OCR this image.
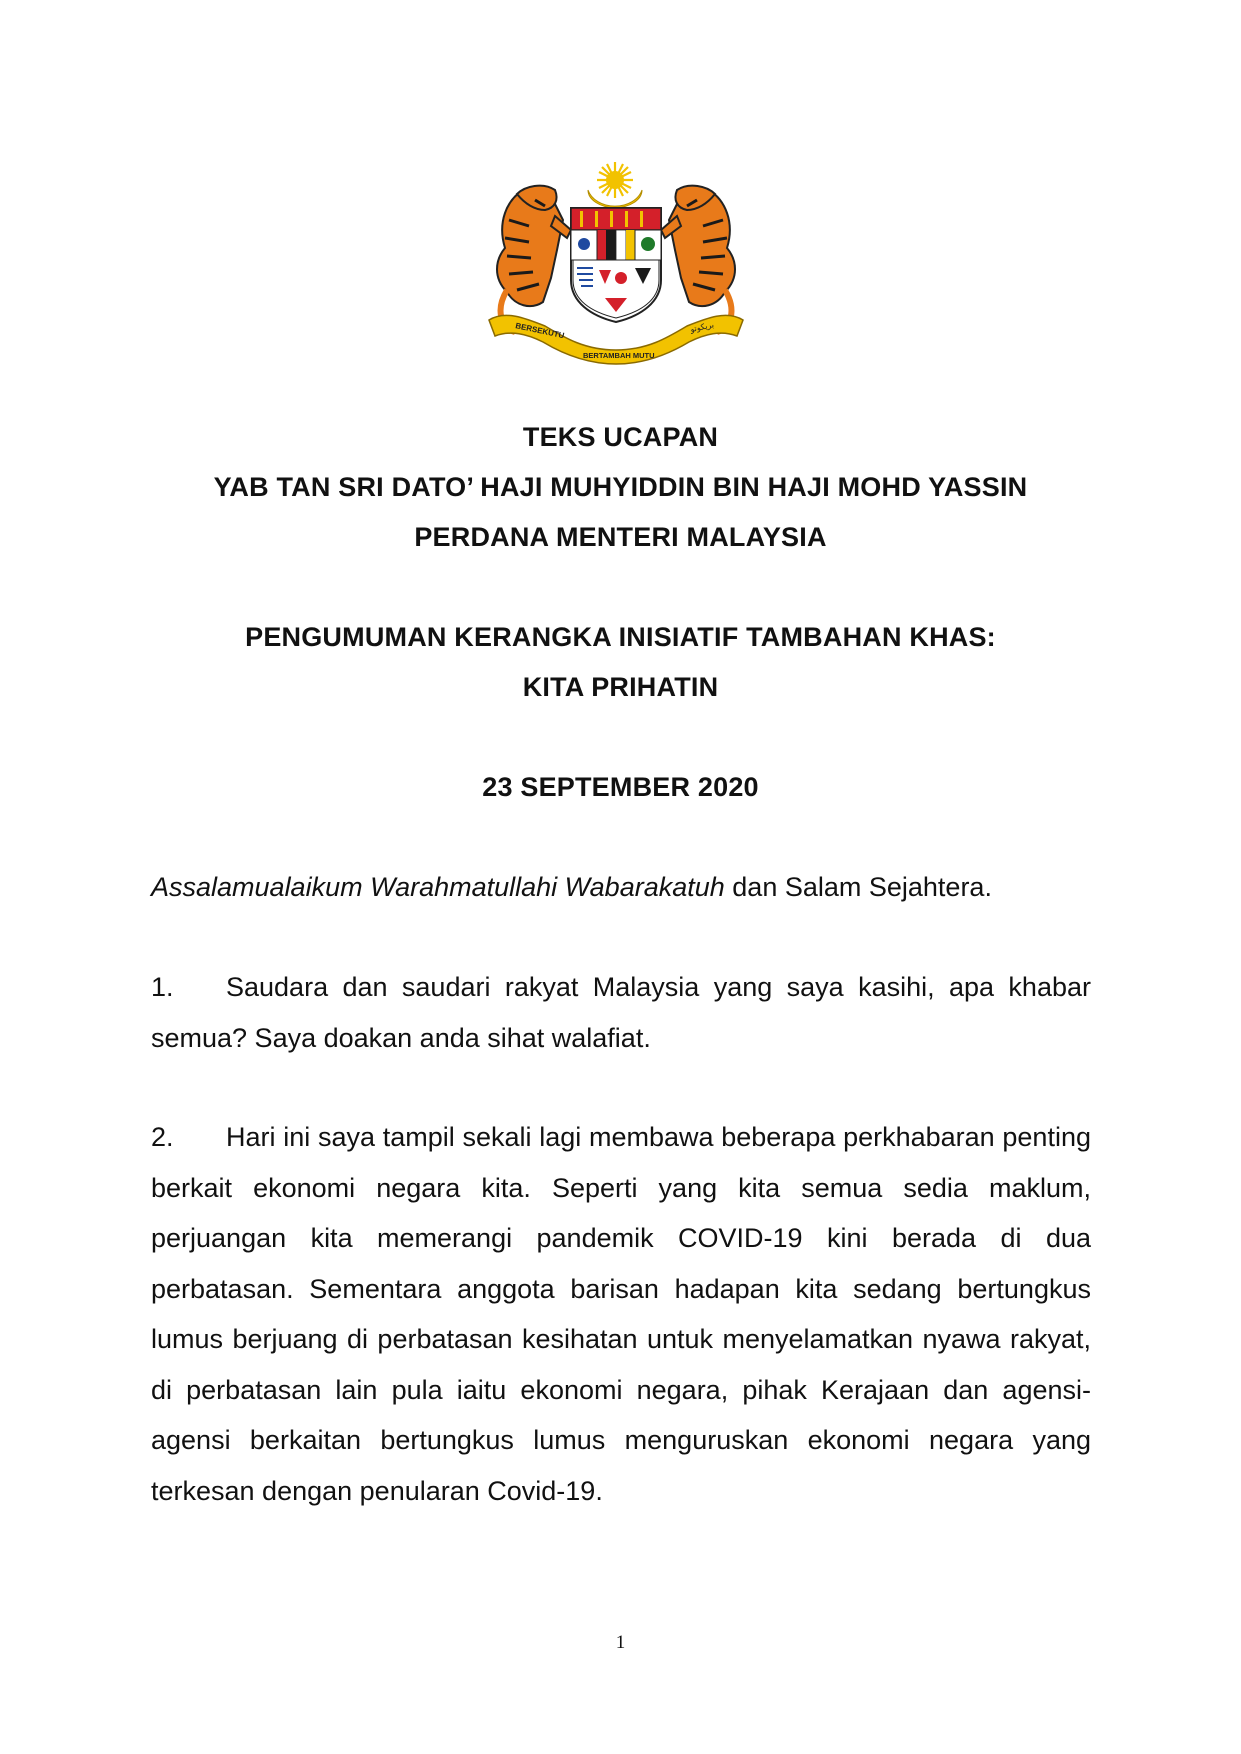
BERSEKUTU	بريکوتو
BERTAMBAH MUTU
TEKS UCAPAN
YAB TAN SRI DATO’ HAJI MUHYIDDIN BIN HAJI MOHD YASSIN
PERDANA MENTERI MALAYSIA
PENGUMUMAN KERANGKA INISIATIF TAMBAHAN KHAS:
KITA PRIHATIN
23 SEPTEMBER 2020
Assalamualaikum Warahmatullahi Wabarakatuh dan Salam Sejahtera.

1. Saudara dan saudari rakyat Malaysia yang saya kasihi, apa khabar semua? Saya doakan anda sihat walafiat.

2. Hari ini saya tampil sekali lagi membawa beberapa perkhabaran penting berkait ekonomi negara kita. Seperti yang kita semua sedia maklum, perjuangan kita memerangi pandemik COVID-19 kini berada di dua perbatasan. Sementara anggota barisan hadapan kita sedang bertungkus lumus berjuang di perbatasan kesihatan untuk menyelamatkan nyawa rakyat, di perbatasan lain pula iaitu ekonomi negara, pihak Kerajaan dan agensi-agensi berkaitan bertungkus lumus menguruskan ekonomi negara yang terkesan dengan penularan Covid-19.

1
